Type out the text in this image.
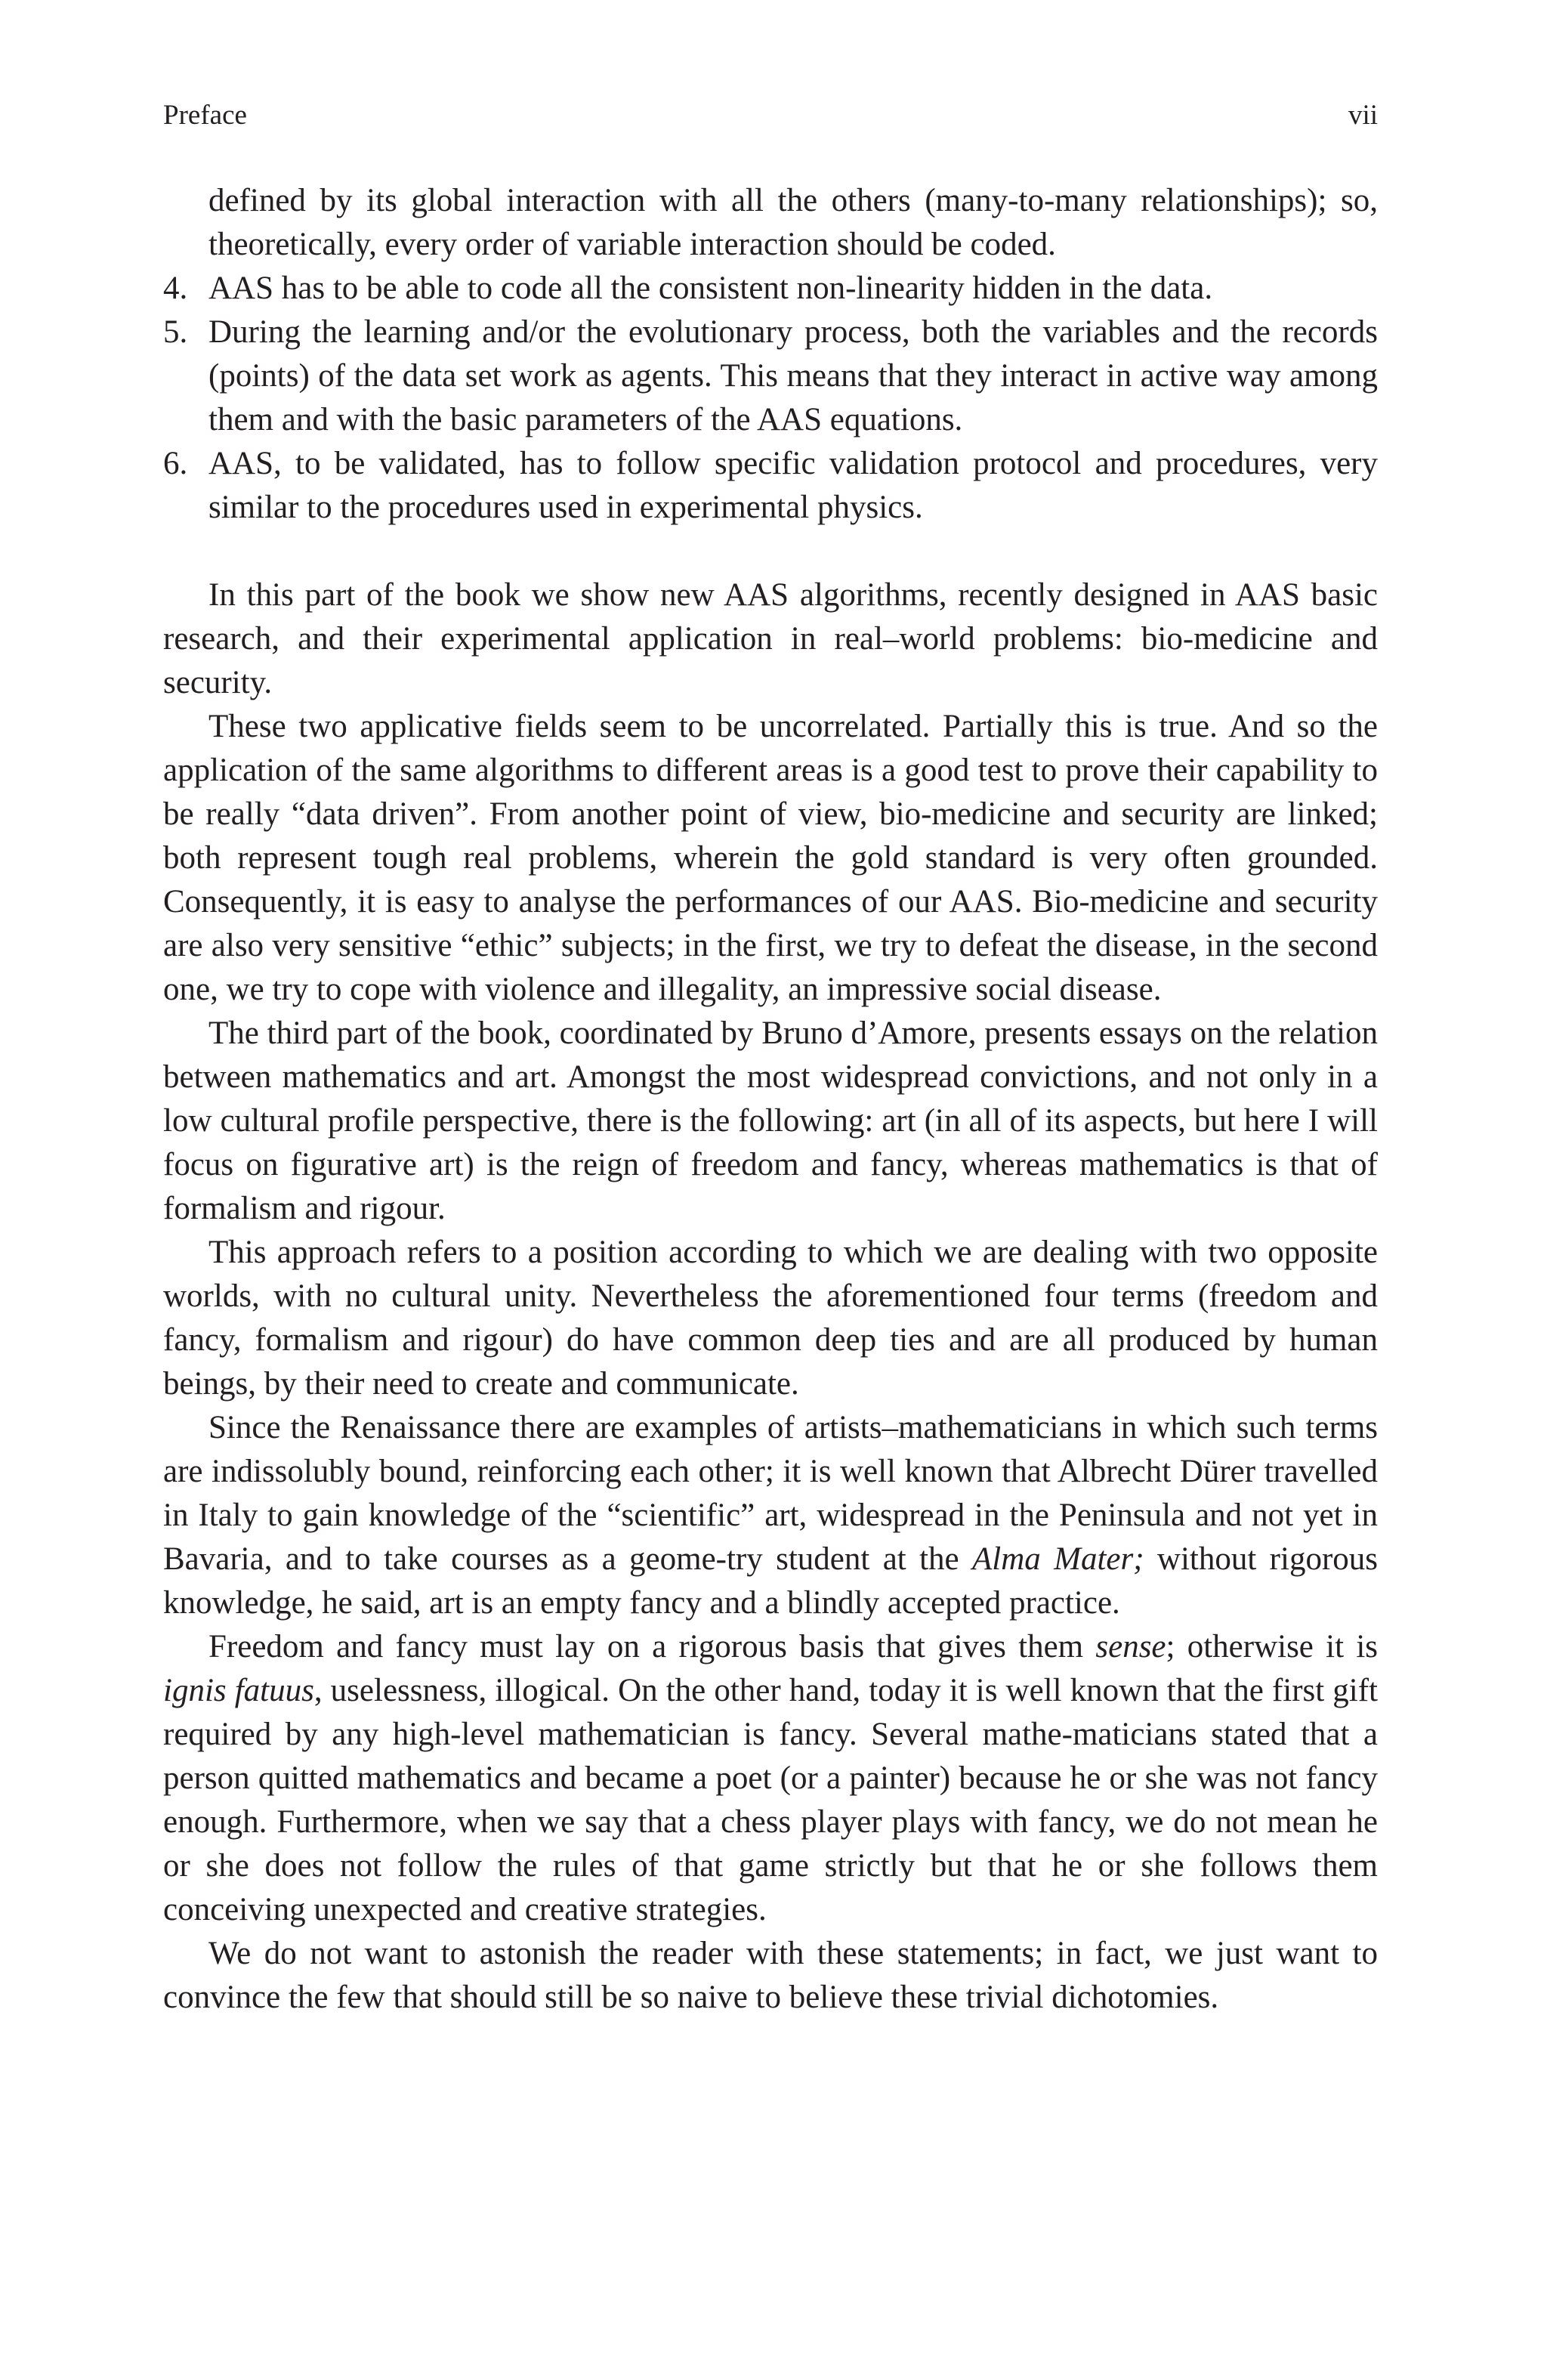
Preface	vii

defined by its global interaction with all the others (many-to-many relationships); so, theoretically, every order of variable interaction should be coded.

4. AAS has to be able to code all the consistent non-linearity hidden in the data.
5. During the learning and/or the evolutionary process, both the variables and the records (points) of the data set work as agents. This means that they interact in active way among them and with the basic parameters of the AAS equations.
6. AAS, to be validated, has to follow specific validation protocol and procedures, very similar to the procedures used in experimental physics.

In this part of the book we show new AAS algorithms, recently designed in AAS basic research, and their experimental application in real–world problems: bio-medicine and security.

These two applicative fields seem to be uncorrelated. Partially this is true. And so the application of the same algorithms to different areas is a good test to prove their capability to be really “data driven”. From another point of view, bio-medicine and security are linked; both represent tough real problems, wherein the gold standard is very often grounded. Consequently, it is easy to analyse the performances of our AAS. Bio-medicine and security are also very sensitive “ethic” subjects; in the first, we try to defeat the disease, in the second one, we try to cope with violence and illegality, an impressive social disease.

The third part of the book, coordinated by Bruno d’Amore, presents essays on the relation between mathematics and art. Amongst the most widespread convictions, and not only in a low cultural profile perspective, there is the following: art (in all of its aspects, but here I will focus on figurative art) is the reign of freedom and fancy, whereas mathematics is that of formalism and rigour.

This approach refers to a position according to which we are dealing with two opposite worlds, with no cultural unity. Nevertheless the aforementioned four terms (freedom and fancy, formalism and rigour) do have common deep ties and are all produced by human beings, by their need to create and communicate.

Since the Renaissance there are examples of artists–mathematicians in which such terms are indissolubly bound, reinforcing each other; it is well known that Albrecht Dürer travelled in Italy to gain knowledge of the “scientific” art, widespread in the Peninsula and not yet in Bavaria, and to take courses as a geome-try student at the Alma Mater; without rigorous knowledge, he said, art is an empty fancy and a blindly accepted practice.

Freedom and fancy must lay on a rigorous basis that gives them sense; otherwise it is ignis fatuus, uselessness, illogical. On the other hand, today it is well known that the first gift required by any high-level mathematician is fancy. Several mathe-maticians stated that a person quitted mathematics and became a poet (or a painter) because he or she was not fancy enough. Furthermore, when we say that a chess player plays with fancy, we do not mean he or she does not follow the rules of that game strictly but that he or she follows them conceiving unexpected and creative strategies.

We do not want to astonish the reader with these statements; in fact, we just want to convince the few that should still be so naive to believe these trivial dichotomies.
